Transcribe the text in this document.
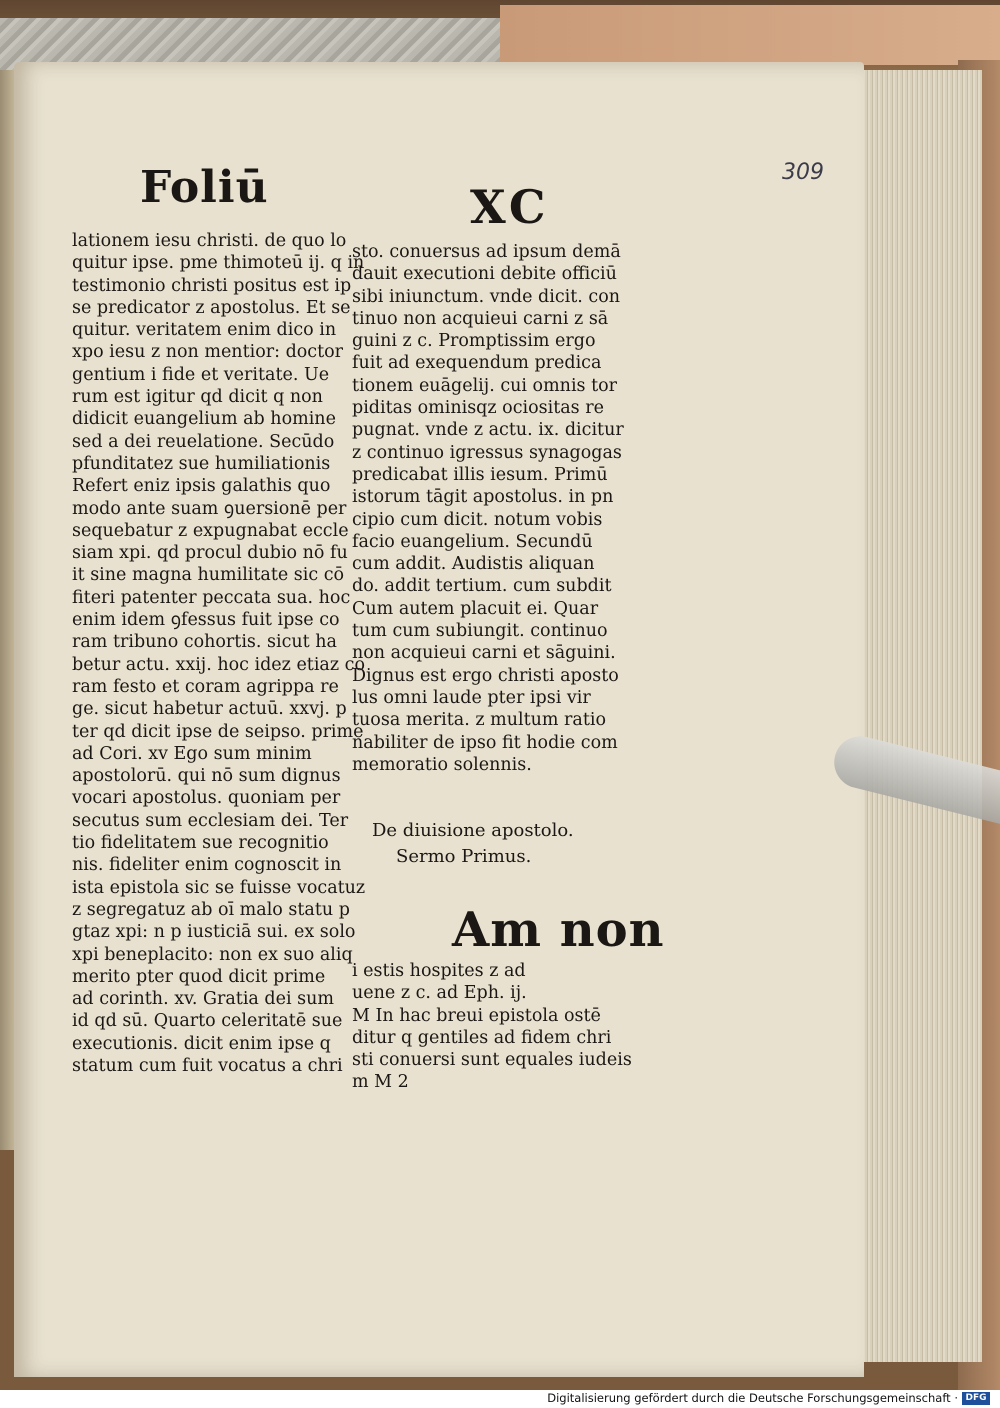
Foliū	XC
309
lationem iesu christi. de quo lo
quitur ipse. pme thimoteū ij. q in
testimonio christi positus est ip
se predicator z apostolus. Et se
quitur. veritatem enim dico in
xpo iesu z non mentior: doctor
gentium i fide et veritate. Ue
rum est igitur qd dicit q non
didicit euangelium ab homine
sed a dei reuelatione. Secūdo
pfunditatez sue humiliationis
Refert eniz ipsis galathis quo
modo ante suam ꝯuersionē per
sequebatur z expugnabat eccle
siam xpi. qd procul dubio nō fu
it sine magna humilitate sic cō
fiteri patenter peccata sua. hoc
enim idem ꝯfessus fuit ipse co
ram tribuno cohortis. sicut ha
betur actu. xxij. hoc idez etiaz co
ram festo et coram agrippa re
ge. sicut habetur actuū. xxvj. p
ter qd dicit ipse de seipso. prime
ad Cori. xv Ego sum minim
apostolorū. qui nō sum dignus
vocari apostolus. quoniam per
secutus sum ecclesiam dei. Ter
tio fidelitatem sue recognitio
nis. fideliter enim cognoscit in
ista epistola sic se fuisse vocatuz
z segregatuz ab oī malo statu p
gtaz xpi: n p iusticiā sui. ex solo
xpi beneplacito: non ex suo aliq
merito pter quod dicit prime
ad corinth. xv. Gratia dei sum
id qd sū. Quarto celeritatē sue
executionis. dicit enim ipse q
statum cum fuit vocatus a chri
sto. conuersus ad ipsum demā
dauit executioni debite officiū
sibi iniunctum. vnde dicit. con
tinuo non acquieui carni z sā
guini z c. Promptissim ergo
fuit ad exequendum predica
tionem euāgelij. cui omnis tor
piditas ominisqz ociositas re
pugnat. vnde z actu. ix. dicitur
z continuo igressus synagogas
predicabat illis iesum. Primū
istorum tāgit apostolus. in pn
cipio cum dicit. notum vobis
facio euangelium. Secundū
cum addit. Audistis aliquan
do. addit tertium. cum subdit
Cum autem placuit ei. Quar
tum cum subiungit. continuo
non acquieui carni et sāguini.
Dignus est ergo christi aposto
lus omni laude pter ipsi vir
tuosa merita. z multum ratio
nabiliter de ipso fit hodie com
memoratio solennis.
De diuisione apostolo.
Sermo Primus.
Am non
i estis hospites z ad
uene z c. ad Eph. ij.
M In hac breui epistola ostē
ditur q gentiles ad fidem chri
sti conuersi sunt equales iudeis
m M 2
Digitalisierung gefördert durch die Deutsche Forschungsgemeinschaft · DFG
